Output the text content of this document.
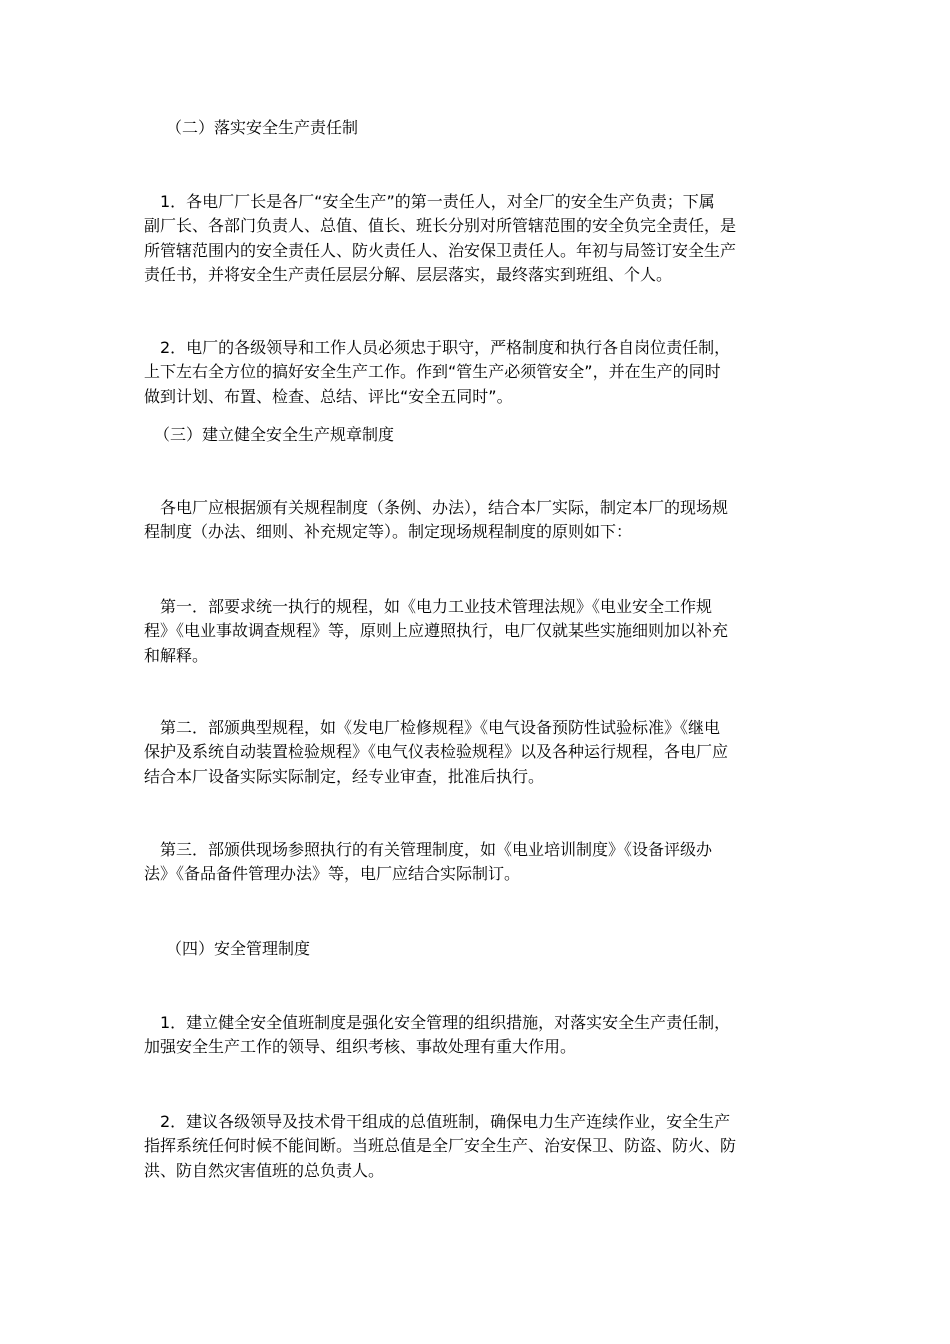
（二）落实安全生产责任制

　1．各电厂厂长是各厂“安全生产”的第一责任人，对全厂的安全生产负责；下属
副厂长、各部门负责人、总值、值长、班长分别对所管辖范围的安全负完全责任，是
所管辖范围内的安全责任人、防火责任人、治安保卫责任人。年初与局签订安全生产
责任书，并将安全生产责任层层分解、层层落实，最终落实到班组、个人。

　2．电厂的各级领导和工作人员必须忠于职守，严格制度和执行各自岗位责任制，
上下左右全方位的搞好安全生产工作。作到“管生产必须管安全”，并在生产的同时
做到计划、布置、检查、总结、评比“安全五同时”。

（三）建立健全安全生产规章制度

　各电厂应根据颁有关规程制度（条例、办法），结合本厂实际，制定本厂的现场规
程制度（办法、细则、补充规定等）。制定现场规程制度的原则如下：

　第一．部要求统一执行的规程，如《电力工业技术管理法规》《电业安全工作规
程》《电业事故调查规程》等，原则上应遵照执行，电厂仅就某些实施细则加以补充
和解释。

　第二．部颁典型规程，如《发电厂检修规程》《电气设备预防性试验标准》《继电
保护及系统自动装置检验规程》《电气仪表检验规程》以及各种运行规程，各电厂应
结合本厂设备实际实际制定，经专业审查，批准后执行。

　第三．部颁供现场参照执行的有关管理制度，如《电业培训制度》《设备评级办
法》《备品备件管理办法》等，电厂应结合实际制订。

（四）安全管理制度

　1．建立健全安全值班制度是强化安全管理的组织措施，对落实安全生产责任制，
加强安全生产工作的领导、组织考核、事故处理有重大作用。

　2．建议各级领导及技术骨干组成的总值班制，确保电力生产连续作业，安全生产
指挥系统任何时候不能间断。当班总值是全厂安全生产、治安保卫、防盗、防火、防
洪、防自然灾害值班的总负责人。
